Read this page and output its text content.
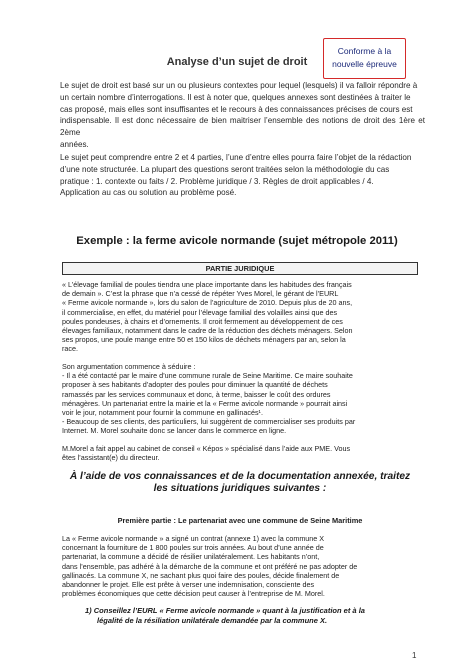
Conforme à la
nouvelle épreuve
Analyse d’un sujet de droit
Le sujet de droit est basé sur un ou plusieurs contextes pour lequel (lesquels) il va falloir répondre à
un certain nombre d’interrogations. Il est à noter que, quelques annexes sont destinées à traiter le
cas proposé, mais elles sont insuffisantes et le recours à des connaissances précises de cours est
indispensable. Il est donc nécessaire de bien maitriser l’ensemble des notions de droit des 1ère et 2ème
années.
Le sujet peut comprendre entre 2 et 4 parties, l’une d’entre elles pourra faire l’objet de la rédaction
d’une note structurée. La plupart des questions seront traitées selon la méthodologie du cas
pratique : 1. contexte ou faits / 2. Problème juridique / 3. Règles de droit applicables / 4.
Application au cas ou solution au problème posé.
Exemple : la ferme avicole normande (sujet métropole 2011)
PARTIE JURIDIQUE
« L’élevage familial de poules tiendra une place importante dans les habitudes des français
de demain ». C’est la phrase que n’a cessé de répéter Yves Morel, le gérant de l’EURL
« Ferme avicole normande », lors du salon de l’agriculture de 2010. Depuis plus de 20 ans,
il commercialise, en effet, du matériel pour l’élevage familial des volailles ainsi que des
poules pondeuses, à chairs et d’ornements. Il croit fermement au développement de ces
élevages familiaux, notamment dans le cadre de la réduction des déchets ménagers. Selon
ses propos, une poule mange entre 50 et 150 kilos de déchets ménagers par an, selon la
race.
Son argumentation commence à séduire :
- Il a été contacté par le maire d’une commune rurale de Seine Maritime. Ce maire souhaite
proposer à ses habitants d’adopter des poules pour diminuer la quantité de déchets
ramassés par les services communaux et donc, à terme, baisser le coût des ordures
ménagères. Un partenariat entre la mairie et la « Ferme avicole normande » pourrait ainsi
voir le jour, notamment pour fournir la commune en gallinacés¹.
- Beaucoup de ses clients, des particuliers, lui suggèrent de commercialiser ses produits par
Internet. M. Morel souhaite donc se lancer dans le commerce en ligne.
M.Morel a fait appel au cabinet de conseil « Képos » spécialisé dans l’aide aux PME. Vous
êtes l’assistant(e) du directeur.
À l’aide de vos connaissances et de la documentation annexée, traitez
les situations juridiques suivantes :
Première partie : Le partenariat avec une commune de Seine Maritime
La « Ferme avicole normande » a signé un contrat (annexe 1) avec la commune X
concernant la fourniture de 1 800 poules sur trois années. Au bout d’une année de
partenariat, la commune a décidé de résilier unilatéralement. Les habitants n’ont,
dans l’ensemble, pas adhéré à la démarche de la commune et ont préféré ne pas adopter de
gallinacés. La commune X, ne sachant plus quoi faire des poules, décide finalement de
abandonner le projet. Elle est prête à verser une indemnisation, consciente des
problèmes économiques que cette décision peut causer à l’entreprise de M. Morel.
1) Conseillez l’EURL « Ferme avicole normande » quant à la justification et à la
légalité de la résiliation unilatérale demandée par la commune X.
1
